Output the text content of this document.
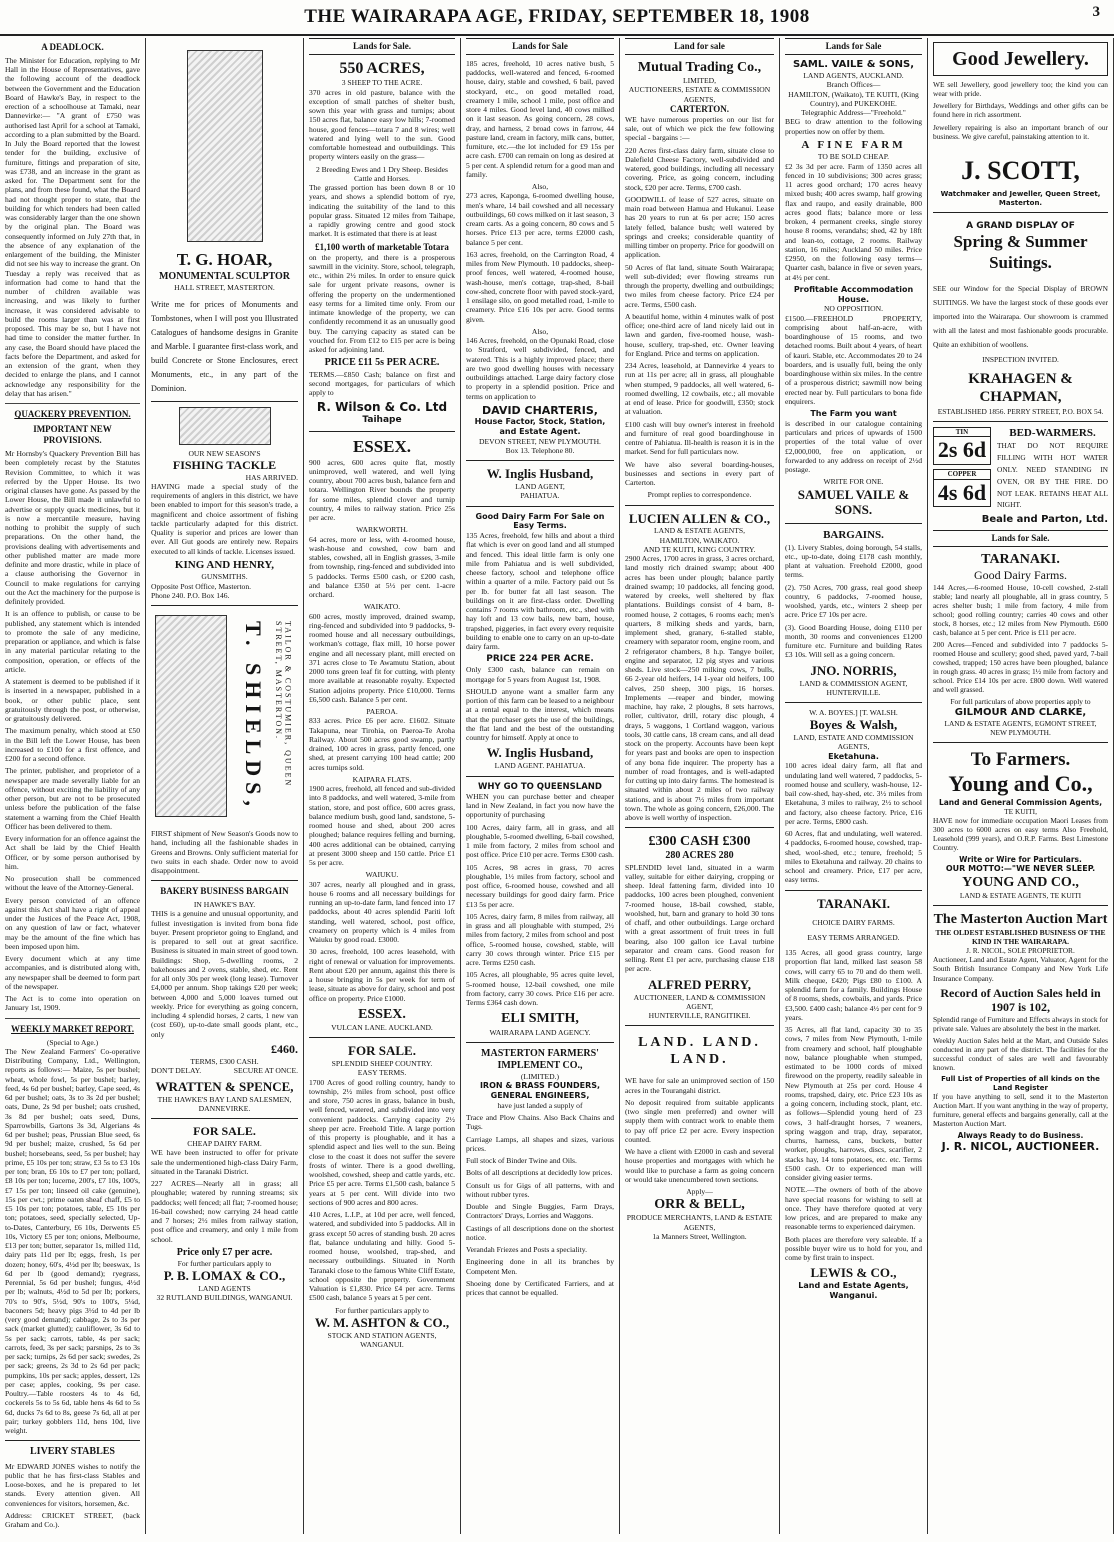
THE WAIRARAPA AGE, FRIDAY, SEPTEMBER 18, 1908	3
A DEADLOCK.

The Minister for Education, replying to Mr Hall in the House of Representatives, gave the following account of the deadlock between the Government and the Education Board of Hawke's Bay, in respect to the erection of a schoolhouse at Tamaki, near Dannevirke:— "A grant of £750 was authorised last April for a school at Tamaki, according to a plan submitted by the Board. In July the Board reported that the lowest tender for the building, exclusive of furniture, fittings and preparation of site, was £738, and an increase in the grant as asked for. The Department sent for the plans, and from these found, what the Board had not thought proper to state, that the building for which tenders had been called was considerably larger than the one shown by the original plan. The Board was consequently informed on July 27th that, in the absence of any explanation of the enlargement of the building, the Minister did not see his way to increase the grant. On Tuesday a reply was received that as information had come to hand that the number of children available was increasing, and was likely to further increase, it was considered advisable to build the rooms larger than was at first proposed. This may be so, but I have not had time to consider the matter further. In any case, the Board should have placed the facts before the Department, and asked for an extension of the grant, when they decided to enlarge the plans, and I cannot acknowledge any responsibility for the delay that has arisen."

QUACKERY PREVENTION.
IMPORTANT NEW PROVISIONS.

Mr Hornsby's Quackery Prevention Bill has been completely recast by the Statutes Revision Committee, to which it was referred by the Upper House. Its two original clauses have gone. As passed by the Lower House, the Bill made it unlawful to advertise or supply quack medicines, but it is now a mercantile measure, having nothing to prohibit the supply of such preparations. On the other hand, the provisions dealing with advertisements and other published matter are made more definite and more drastic, while in place of a clause authorising the Governor in Council to make regulations for carrying out the Act the machinery for the purpose is definitely provided.

It is an offence to publish, or cause to be published, any statement which is intended to promote the sale of any medicine, preparation or appliance, and which is false in any material particular relating to the composition, operation, or effects of the article.

A statement is deemed to be published if it is inserted in a newspaper, published in a book, or other public place, sent gratuitously through the post, or otherwise, or gratuitously delivered.

The maximum penalty, which stood at £50 in the Bill left the Lower House, has been increased to £100 for a first offence, and £200 for a second offence.

The printer, publisher, and proprietor of a newspaper are made severally liable for an offence, without exciting the liability of any other person, but are not to be prosecuted unless before the publication of the false statement a warning from the Chief Health Officer has been delivered to them.

Every information for an offence against the Act shall be laid by the Chief Health Officer, or by some person authorised by him.

No prosecution shall be commenced without the leave of the Attorney-General.

Every person convicted of an offence against this Act shall have a right of appeal under the Justices of the Peace Act, 1908, on any question of law or fact, whatever may be the amount of the fine which has been imposed upon him.

Every document which at any time accompanies, and is distributed along with, any newspaper shall be deemed to form part of the newspaper.

The Act is to come into operation on January 1st, 1909.

WEEKLY MARKET REPORT.
(Special to Age.)

The New Zealand Farmers' Co-operative Distributing Company, Ltd., Wellington, reports as follows:— Maize, 5s per bushel; wheat, whole fowl, 5s per bushel; barley, feed, 4s 6d per bushel; barley, Cape seed, 4s 6d per bushel; oats, 3s to 3s 2d per bushel; oats, Dune, 2s 9d per bushel; oats crushed, 3s 8d per bushel; oats seed, Duns, Sparrowbills, Gartons 3s 3d, Algerians 4s 6d per bushel; peas, Prussian Blue seed, 6s 9d per bushel; maize, crushed, 5s 6d per bushel; horsebeans, seed, 5s per bushel; hay prime, £5 10s per ton; straw, £3 5s to £3 10s per ton; bran, £6 10s to £7 per ton; pollard, £8 10s per ton; lucerne, 200's, £7 10s, 100's, £7 15s per ton; linseed oil cake (genuine), 15s per cwt.; prime oaten sheaf chaff, £5 to £5 10s per ton; potatoes, table, £5 10s per ton; potatoes, seed, specially selected, Up-to-Dates, Canterbury, £6 10s, Derwents £5 10s, Victory £5 per ton; onions, Melbourne, £13 per ton; butter, separator 1s, milled 11d, dairy pats 11d per lb; eggs, fresh, 1s per dozen; honey, 60's, 4½d per lb; beeswax, 1s 6d per lb (good demand); ryegrass, Perennial, 5s 6d per bushel; fungus, 4½d per lb; walnuts, 4½d to 5d per lb; porkers, 70's to 90's, 5½d, 90's to 100's, 5¼d, baconers 5d; heavy pigs 3½d to 4d per lb (very good demand); cabbage, 2s to 3s per sack (market glutted); cauliflower, 3s 6d to 5s per sack; carrots, table, 4s per sack; carrots, feed, 3s per sack; parsnips, 2s to 3s per sack; turnips, 2s 6d per sack; swedes, 2s per sack; greens, 2s 3d to 2s 6d per pack; pumpkins, 10s per sack; apples, dessert, 12s per case; apples, cooking, 9s per case. Poultry.—Table roosters 4s to 4s 6d, cockerels 5s to 5s 6d, table hens 4s 6d to 5s 6d, ducks 7s 6d to 8s, geese 7s 6d, all at per pair; turkey gobblers 11d, hens 10d, live weight.

LIVERY STABLES

Mr EDWARD JONES wishes to notify the public that he has first-class Stables and Loose-boxes, and he is prepared to let stands. Every attention given. All conveniences for visitors, horsemen, &c.

Address: CRICKET STREET, (back Graham and Co.).

T. G. HOAR,
MONUMENTAL SCULPTOR
HALL STREET, MASTERTON.

Write me for prices of Monuments and Tombstones, when I will post you Illustrated Catalogues of handsome designs in Granite and Marble. I guarantee first-class work, and build Concrete or Stone Enclosures, erect Monuments, etc., in any part of the Dominion.

OUR NEW SEASON'S
FISHING TACKLE
HAS ARRIVED.

HAVING made a special study of the requirements of anglers in this district, we have been enabled to import for this season's trade, a magnificent and choice assortment of fishing tackle particularly adapted for this district. Quality is superior and prices are lower than ever. All Gut goods are entirely new. Repairs executed to all kinds of tackle. Licenses issued.

KING AND HENRY,
GUNSMITHS.
Opposite Post Office, Masterton.
Phone 240. P.O. Box 146.
T. SHIELDS,	TAILOR & COSTUMIER, QUEEN STREET, MASTERTON.

FIRST shipment of New Season's Goods now to hand, including all the fashionable shades in Greens and Browns. Only sufficient material for two suits in each shade. Order now to avoid disappointment.

BAKERY BUSINESS BARGAIN
IN HAWKE'S BAY.

THIS is a genuine and unusual opportunity, and fullest investigation is invited from bona fide buyer. Present proprietor going to England, and is prepared to sell out at great sacrifice. Business is situated in main street of good town. Buildings: Shop, 5-dwelling rooms, 2 bakehouses and 2 ovens, stable, shed, etc. Rent for all only 30s per week (long lease). Turnover £4,000 per annum. Shop takings £20 per week; between 4,000 and 5,000 loaves turned out weekly. Price for everything as going concern, including 4 splendid horses, 2 carts, 1 new van (cost £60), up-to-date small goods plant, etc., only

£460.
TERMS, £300 CASH.
DON'T DELAY.	SECURE AT ONCE.
WRATTEN & SPENCE,
THE HAWKE'S BAY LAND SALESMEN, DANNEVIRKE.
FOR SALE.
CHEAP DAIRY FARM.

WE have been instructed to offer for private sale the undermentioned high-class Dairy Farm, situated in the Taranaki District.

227 ACRES—Nearly all in grass; all ploughable; watered by running streams; six paddocks; well fenced; all flat; 7-roomed house; 16-bail cowshed; now carrying 24 head cattle and 7 horses; 2½ miles from railway station, post office and creamery, and only 1 mile from school.

Price only £7 per acre.
For further particulars apply to
P. B. LOMAX & CO.,
LAND AGENTS
32 RUTLAND BUILDINGS, WANGANUI.
Lands for Sale.
550 ACRES,
3 SHEEP TO THE ACRE.

370 acres in old pasture, balance with the exception of small patches of shelter bush, sown this year with grass and turnips; about 150 acres flat, balance easy low hills; 7-roomed house, good fences—totara 7 and 8 wires; well watered and lying well to the sun. Good comfortable homestead and outbuildings. This property winters easily on the grass—

2 Breeding Ewes and 1 Dry Sheep. Besides Cattle and Horses.

The grassed portion has been down 8 or 10 years, and shows a splendid bottom of rye, indicating the suitability of the land to this popular grass. Situated 12 miles from Taihape, a rapidly growing centre and good stock market. It is estimated that there is at least

£1,100 worth of marketable Totara

on the property, and there is a prosperous sawmill in the vicinity. Store, school, telegraph, etc., within 2½ miles. In order to ensure quick sale for urgent private reasons, owner is offering the property on the undermentioned easy terms for a limited time only. From our intimate knowledge of the property, we can confidently recommend it as an unusually good buy. The carrying capacity as stated can be vouched for. From £12 to £15 per acre is being asked for adjoining land.

PRICE £11 5s PER ACRE.

TERMS.—£850 Cash; balance on first and second mortgages, for particulars of which apply to

R. Wilson & Co. Ltd
Taihape
ESSEX.

900 acres, 600 acres quite flat, mostly unimproved, well watered, and well lying country, about 700 acres bush, balance fern and totara. Wellington River bounds the property for some miles, splendid clover and turnip country, 4 miles to railway station. Price 25s per acre.

WARKWORTH.

64 acres, more or less, with 4-roomed house, wash-house and cowshed, cow barn and stables, cowshed, all in English grasses, 3-mile from township, ring-fenced and subdivided into 5 paddocks. Terms £500 cash, or £200 cash, and balance £350 at 5½ per cent. 1-acre orchard.

WAIKATO.

600 acres, mostly improved, drained swamp, ring-fenced and subdivided into 9 paddocks, 9-roomed house and all necessary outbuildings, workman's cottage, flax mill, 10 horse power engine and all necessary plant, mill erected on 371 acres close to Te Awamutu Station, about 2000 tons green leaf fit for cutting, with plenty more available at reasonable royalty. Expected Station adjoins property. Price £10,000. Terms £6,500 cash. Balance 5 per cent.

PAEROA.

833 acres. Price £6 per acre. £1602. Situate Takapuna, near Tirohia, on Paeroa-Te Aroha Railway. About 500 acres good swamp, partly drained, 100 acres in grass, partly fenced, one shed, at present carrying 100 head cattle; 200 acres turnips sold.

KAIPARA FLATS.

1900 acres, freehold, all fenced and sub-divided into 8 paddocks, and well watered, 3-mile from station, store, and post office, 600 acres grass, balance medium bush, good land, sandstone, 5-roomed house and shed, about 200 acres ploughed; balance requires felling and burning, 400 acres additional can be obtained, carrying at present 3000 sheep and 150 cattle. Price £1 5s per acre.

WAIUKU.

307 acres, nearly all ploughed and in grass, house 6 rooms and all necessary buildings for running an up-to-date farm, land fenced into 17 paddocks, about 40 acres splendid Pariti loft standing, well watered, school, post office, creamery on property which is 4 miles from Waiuku by good road. £3000.

30 acres, freehold, 100 acres leasehold, with right of renewal or valuation for improvements. Rent about £20 per annum, against this there is a house bringing in 5s per week for term of lease, situate as above for dairy, school and post office on property. Price £1000.

ESSEX.
VULCAN LANE. AUCKLAND.
FOR SALE.
SPLENDID SHEEP COUNTRY.
EASY TERMS.

1700 Acres of good rolling country, handy to township, 2½ miles from school, post office and store, 750 acres in grass, balance in bush, well fenced, watered, and subdivided into very convenient paddocks. Carrying capacity 2½ sheep per acre. Freehold Title. A large portion of this property is ploughable, and it has a splendid aspect and lies well to the sun. Being close to the coast it does not suffer the severe frosts of winter. There is a good dwelling, woolshed, cowshed, sheep and cattle yards, etc. Price £5 per acre. Terms £1,500 cash, balance 5 years at 5 per cent. Will divide into two sections of 900 acres and 800 acres.

410 Acres, L.I.P., at 10d per acre, well fenced, watered, and subdivided into 5 paddocks. All in grass except 50 acres of standing bush. 20 acres flat, balance undulating and hilly. Good 5-roomed house, woolshed, trap-shed, and necessary outbuildings. Situated in North Taranaki close to the famous White Cliff Estate, school opposite the property. Government Valuation is £1,830. Price £4 per acre. Terms £500 cash, balance 5 years at 5 per cent.

For further particulars apply to
W. M. ASHTON & CO.,
STOCK AND STATION AGENTS,
WANGANUI.
Lands for Sale

185 acres, freehold, 10 acres native bush, 5 paddocks, well-watered and fenced, 6-roomed house, dairy, stable and cowshed, 6 bail, paved stockyard, etc., on good metalled road, creamery 1 mile, school 1 mile, post office and store 4 miles. Good level land, 40 cows milked on it last season. As going concern, 28 cows, dray, and harness, 2 broad cows in farrow, 44 pasture land, cream in factory, milk cans, butter, furniture, etc.—the lot included for £9 15s per acre cash. £700 can remain on long as desired at 5 per cent. A splendid return for a good man and family.

Also,

273 acres, Kaponga, 6-roomed dwelling house, men's whare, 14 bail cowshed and all necessary outbuildings, 60 cows milked on it last season, 3 cream carts. As a going concern, 80 cows and 5 horses. Price £13 per acre, terms £2000 cash, balance 5 per cent.

163 acres, freehold, on the Carrington Road, 4 miles from New Plymouth. 10 paddocks, sheep-proof fences, well watered, 4-roomed house, wash-house, men's cottage, trap-shed, 8-bail cow-shed, concrete floor with paved stock-yard, 1 ensilage silo, on good metalled road, 1-mile to creamery. Price £16 10s per acre. Good terms given.

Also,

146 Acres, freehold, on the Opunaki Road, close to Stratford, well subdivided, fenced, and watered. This is a highly improved place; there are two good dwelling houses with necessary outbuildings attached. Large dairy factory close to property in a splendid position. Price and terms on application to

DAVID CHARTERIS,
House Factor, Stock, Station, and Estate Agent.
DEVON STREET, NEW PLYMOUTH.
Box 13. Telephone 80.
W. Inglis Husband,
LAND AGENT,
PAHIATUA.
Good Dairy Farm For Sale on Easy Terms.

135 Acres, freehold, few hills and about a third flat which is ever on good land and all stumped and fenced. This ideal little farm is only one mile from Pahiatua and is well subdivided, cheese factory, school and telephone office within a quarter of a mile. Factory paid out 5s per lb. for butter fat all last season. The buildings on it are first-class order. Dwelling contains 7 rooms with bathroom, etc., shed with hay loft and 13 cow bails, new barn, house, trapshed, piggeries, in fact every every requisite building to enable one to carry on an up-to-date dairy farm.

PRICE 224 PER ACRE.

Only £300 cash, balance can remain on mortgage for 5 years from August 1st, 1908.

SHOULD anyone want a smaller farm any portion of this farm can be leased to a neighbour at a rental equal to the interest, which means that the purchaser gets the use of the buildings, the flat land and the best of the outstanding country for himself. Apply at once to

W. Inglis Husband,
LAND AGENT. PAHIATUA.
WHY GO TO QUEENSLAND

WHEN you can purchase better and cheaper land in New Zealand, in fact you now have the opportunity of purchasing

100 Acres, dairy farm, all in grass, and all ploughable, 5-roomed dwelling, 6-bail cowshed, 1 mile from factory, 2 miles from school and post office. Price £10 per acre. Terms £300 cash.

105 Acres, 98 acres in grass, 70 acres ploughable, 1½ miles from factory, school and post office, 6-roomed house, cowshed and all necessary buildings for good dairy farm. Price £13 5s per acre.

105 Acres, dairy farm, 8 miles from railway, all in grass and all ploughable with stumped, 2½ miles from factory, 2 miles from school and post office, 5-roomed house, cowshed, stable, will carry 30 cows through winter. Price £15 per acre. Terms £250 cash.

105 Acres, all ploughable, 95 acres quite level, 5-roomed house, 12-bail cowshed, one mile from factory, carry 30 cows. Price £16 per acre. Terms £364 cash down.

ELI SMITH,
WAIRARAPA LAND AGENCY.
MASTERTON FARMERS' IMPLEMENT CO.,
(LIMITED.)
IRON & BRASS FOUNDERS, GENERAL ENGINEERS,

have just landed a supply of

Trace and Plow Chains. Also Back Chains and Tugs.

Carriage Lamps, all shapes and sizes, various prices.

Full stock of Binder Twine and Oils.

Bolts of all descriptions at decidedly low prices.

Consult us for Gigs of all patterns, with and without rubber tyres.

Double and Single Buggies, Farm Drays, Contractors' Drays, Lorries and Waggons.

Castings of all descriptions done on the shortest notice.

Verandah Friezes and Posts a speciality.

Engineering done in all its branches by Competent Men.

Shoeing done by Certificated Farriers, and at prices that cannot be equalled.

Land for sale
Mutual Trading Co.,
LIMITED,
AUCTIONEERS, ESTATE & COMMISSION AGENTS,
CARTERTON.

WE have numerous properties on our list for sale, out of which we pick the few following special - bargains :—

220 Acres first-class dairy farm, situate close to Dalefield Cheese Factory, well-subdivided and watered, good buildings, including all necessary covering. Price, as going concern, including stock, £20 per acre. Terms, £700 cash.

GOODWILL of lease of 527 acres, situate on main road between Hamua and Hukanui. Lease has 20 years to run at 6s per acre; 150 acres lately felled, balance bush; well watered by springs and creeks; considerable quantity of milling timber on property. Price for goodwill on application.

50 Acres of flat land, situate South Wairarapa; well sub-divided; ever flowing streams run through the property, dwelling and outbuildings; two miles from cheese factory. Price £24 per acre. Terms, £500 cash.

A beautiful home, within 4 minutes walk of post office; one-third acre of land nicely laid out in lawn and garden, five-roomed house, wash-house, scullery, trap-shed, etc. Owner leaving for England. Price and terms on application.

234 Acres, leasehold, at Dannevirke 4 years to run at 11s per acre; all in grass, all ploughable when stumped, 9 paddocks, all well watered, 6-roomed dwelling, 12 cowbails, etc.; all movable at end of lease. Price for goodwill, £350; stock at valuation.

£100 cash will buy owner's interest in freehold and furniture of real good boardinghouse in centre of Pahiatua. Ill-health is reason it is in the market. Send for full particulars now.

We have also several boarding-houses, businesses and sections in every part of Carterton.

Prompt replies to correspondence.

LUCIEN ALLEN & CO.,
LAND & ESTATE AGENTS,
HAMILTON, WAIKATO.
AND TE KUITI, KING COUNTRY.

2900 Acres, 1700 acres in grass, 3 acres orchard, land mostly rich drained swamp; about 400 acres has been under plough; balance partly drained swamp; 10 paddocks, all fencing good, watered by creeks, well sheltered by flax plantations. Buildings consist of 4 barn, 8-roomed house, 2 cottages, 6 rooms each; men's quarters, 8 milking sheds and yards, barn, implement shed, granary, 6-stalled stable, creamery with separator room, engine room, and 2 refrigerator chambers, 8 h.p. Tangye boiler, engine and separator, 12 pig styes and various sheds. Live stock—250 milking cows, 7 bulls, 66 2-year old heifers, 14 1-year old heifers, 100 calves, 250 sheep, 300 pigs, 16 horses. Implements —reaper and binder, mowing machine, hay rake, 2 ploughs, 8 sets harrows, roller, cultivator, drill, rotary disc plough, 4 drays, 5 waggons, 1 Cortland waggon, various tools, 30 cattle cans, 18 cream cans, and all dead stock on the property. Accounts have been kept for years past and books are open to inspection of any bona fide inquirer. The property has a number of road frontages, and is well-adapted for cutting up into dairy farms. The homestead is situated within about 2 miles of two railway stations, and is about 7½ miles from important town. The whole as going concern, £26,000. The above is well worthy of inspection.

£300 CASH £300
280 ACRES 280

SPLENDID level land, situated in a warm valley, suitable for either dairying, cropping or sheep. Ideal fattening farm, divided into 10 paddocks, 100 acres been ploughed, convenient 7-roomed house, 18-bail cowshed, stable, woolshed, hut, barn and granary to hold 30 tons of chaff, and other outbuildings. Large orchard with a great assortment of fruit trees in full bearing, also 100 gallon ice Laval turbine separator and cream cans. Good reason for selling. Rent £1 per acre, purchasing clause £18 per acre.

ALFRED PERRY,
AUCTIONEER, LAND & COMMISSION AGENT,
HUNTERVILLE, RANGITIKEI.
LAND. LAND. LAND.

WE have for sale an unimproved section of 150 acres in the Tourangahi district.

No deposit required from suitable applicants (two single men preferred) and owner will supply them with contract work to enable them to pay off price £2 per acre. Every inspection counted.

We have a client with £2000 in cash and several house properties and mortgages with which he would like to purchase a farm as going concern or would take unencumbered town sections.

Apply—
ORR & BELL,
PRODUCE MERCHANTS, LAND & ESTATE AGENTS,
1a Manners Street, Wellington.
Lands for Sale
SAML. VAILE & SONS,
LAND AGENTS, AUCKLAND.
Branch Offices—
HAMILTON, (Waikato), TE KUITI, (King Country), and PUKEKOHE.
Telegraphic Address—"Freehold."

BEG to draw attention to the following properties now on offer by them.

A FINE FARM
TO BE SOLD CHEAP.

£2 3s 3d per acre. Farm of 1350 acres all fenced in 10 subdivisions; 300 acres grass; 11 acres good orchard; 170 acres heavy mixed bush; 400 acres swamp, half growing flax and raupo, and easily drainable, 800 acres good flats; balance more or less broken, 4 permanent creeks, single storey house 8 rooms, verandahs; shed, 42 by 18ft and lean-to, cottage, 2 rooms. Railway station, 16 miles; Auckland 50 miles. Price £2950, on the following easy terms—Quarter cash, balance in five or seven years, at 4½ per cent.

Profitable Accommodation House.
NO OPPOSITION.

£1500.—FREEHOLD PROPERTY, comprising about half-an-acre, with boardinghouse of 15 rooms, and two detached rooms. Built about 4 years, of heart of kauri. Stable, etc. Accommodates 20 to 24 boarders, and is usually full, being the only boardinghouse within six miles. In the centre of a prosperous district; sawmill now being erected near by. Full particulars to bona fide enquirers.

The Farm you want

is described in our catalogue containing particulars and prices of upwards of 1500 properties of the total value of over £2,000,000, free on application, or forwarded to any address on receipt of 2½d postage.

WRITE FOR ONE.
SAMUEL VAILE & SONS.
BARGAINS.

(1). Livery Stables, doing borough, 54 stalls, etc., up-to-date, doing £178 cash monthly, plant at valuation. Freehold £2000, good terms.

(2). 750 Acres, 700 grass, real good sheep country, 6 paddocks, 7-roomed house, woolshed, yards, etc., winters 2 sheep per acre. Price £7 10s per acre.

(3). Good Boarding House, doing £110 per month, 30 rooms and conveniences £1200 furniture etc. Furniture and building Rates £3 10s. Will sell as a going concern.

JNO. NORRIS,
LAND & COMMISSION AGENT,
HUNTERVILLE.
W. A. BOYES.] [T. WALSH.
Boyes & Walsh,
LAND, ESTATE AND COMMISSION AGENTS,
Eketahuna.

100 acres ideal dairy farm, all flat and undulating land well watered, 7 paddocks, 5-roomed house and scullery, wash-house, 12-bail cow-shed, hay-shed, etc. 3½ miles from Eketahuna, 3 miles to railway, 2½ to school and factory, also cheese factory. Price, £16 per acre. Terms, £800 cash.

60 Acres, flat and undulating, well watered. 4 paddocks, 6-roomed house, cowshed, trap-shed, wool-shed, etc.; tenure, freehold; 5 miles to Eketahuna and railway. 20 chains to school and creamery. Price, £17 per acre, easy terms.

TARANAKI.
CHOICE DAIRY FARMS.
EASY TERMS ARRANGED.

135 Acres, all good grass country, large proportion flat land, milked last season 58 cows, will carry 65 to 70 and do them well. Milk cheque, £420; Pigs £80 to £100. A splendid farm for a family. Buildings House of 8 rooms, sheds, cowbails, and yards. Price £3,500. £400 cash; balance 4½ per cent for 9 years.

35 Acres, all flat land, capacity 30 to 35 cows, 7 miles from New Plymouth, 1-mile from creamery and school, half ploughable now, balance ploughable when stumped, estimated to be 1000 cords of mixed firewood on the property, readily saleable in New Plymouth at 25s per cord. House 4 rooms, trapshed, dairy, etc. Price £23 10s as a going concern, including stock, plant, etc. as follows—Splendid young herd of 23 cows, 3 half-draught horses, 7 weaners, spring waggon and trap, dray, separator, churns, harness, cans, buckets, butter worker, ploughs, harrows, discs, scarifier, 2 stacks hay, 14 tons potatoes, etc. etc. Terms £500 cash. Or to experienced man will consider giving easier terms.

NOTE.—The owners of both of the above have special reasons for wishing to sell at once. They have therefore quoted at very low prices, and are prepared to make any reasonable terms to experienced dairymen.

Both places are therefore very saleable. If a possible buyer wire us to hold for you, and come by first train to inspect.

LEWIS & CO.,
Land and Estate Agents,
Wanganui.
Good Jewellery.

WE sell Jewellery, good jewellery too; the kind you can wear with pride.

Jewellery for Birthdays, Weddings and other gifts can be found here in rich assortment.

Jewellery repairing is also an important branch of our business. We give careful, painstaking attention to it.

J. SCOTT,
Watchmaker and Jeweller, Queen Street, Masterton.
A GRAND DISPLAY OF
Spring & Summer Suitings.

SEE our Window for the Special Display of BROWN SUITINGS. We have the largest stock of these goods ever imported into the Wairarapa. Our showroom is crammed with all the latest and most fashionable goods procurable. Quite an exhibition of woollens.

INSPECTION INVITED.
KRAHAGEN & CHAPMAN,
ESTABLISHED 1856. PERRY STREET, P.O. BOX 54.
TIN
2s 6d
COPPER
4s 6d
BED-WARMERS.

THAT DO NOT REQUIRE FILLING WITH HOT WATER ONLY. NEED STANDING IN OVEN, OR BY THE FIRE. DO NOT LEAK. RETAINS HEAT ALL NIGHT.

Beale and Parton, Ltd.
Lands for Sale.
TARANAKI.
Good Dairy Farms.

144 Acres,—6-roomed House, 10-cell cowshed, 2-stall stable; land nearly all ploughable, all in grass country, 5 acres shelter bush; 1 mile from factory, 4 mile from school; good rolling country; carries 40 cows and other stock, 8 horses, etc.; 12 miles from New Plymouth. £600 cash, balance at 5 per cent. Price is £11 per acre.

200 Acres—Fenced and subdivided into 7 paddocks 5-roomed House and scullery; good shed, paved yard, 7-bail cowshed, trapped; 150 acres have been ploughed, balance in rough grass. 40 acres in grass; 1½ mile from factory and school. Price £14 10s per acre. £800 down. Well watered and well grassed.

For full particulars of above properties apply to
GILMOUR AND CLARKE,
LAND & ESTATE AGENTS, EGMONT STREET,
NEW PLYMOUTH.
To Farmers.
Young and Co.,
Land and General Commission Agents,
TE KUITI,

HAVE now for immediate occupation Maori Leases from 300 acres to 6000 acres on easy terms Also Freehold, Leasehold (999 years), and O.R.P. Farms. Best Limestone Country.

Write or Wire for Particulars.
OUR MOTTO:—"WE NEVER SLEEP.
YOUNG AND CO.,
LAND & ESTATE AGENTS, TE KUITI
The Masterton Auction Mart
THE OLDEST ESTABLISHED BUSINESS OF THE KIND IN THE WAIRARAPA.
J. R. NICOL, SOLE PROPRIETOR.

Auctioneer, Land and Estate Agent, Valuator, Agent for the South British Insurance Company and New York Life Insurance Company.

Record of Auction Sales held in 1907 is 102,

Splendid range of Furniture and Effects always in stock for private sale. Values are absolutely the best in the market.

Weekly Auction Sales held at the Mart, and Outside Sales conducted in any part of the district. The facilities for the successful conduct of sales are well and favourably known.

Full List of Properties of all kinds on the Land Register

If you have anything to sell, send it to the Masterton Auction Mart. If you want anything in the way of property, furniture, general effects and bargains generally, call at the Masterton Auction Mart.

Always Ready to do Business.
J. R. NICOL, AUCTIONEER.
